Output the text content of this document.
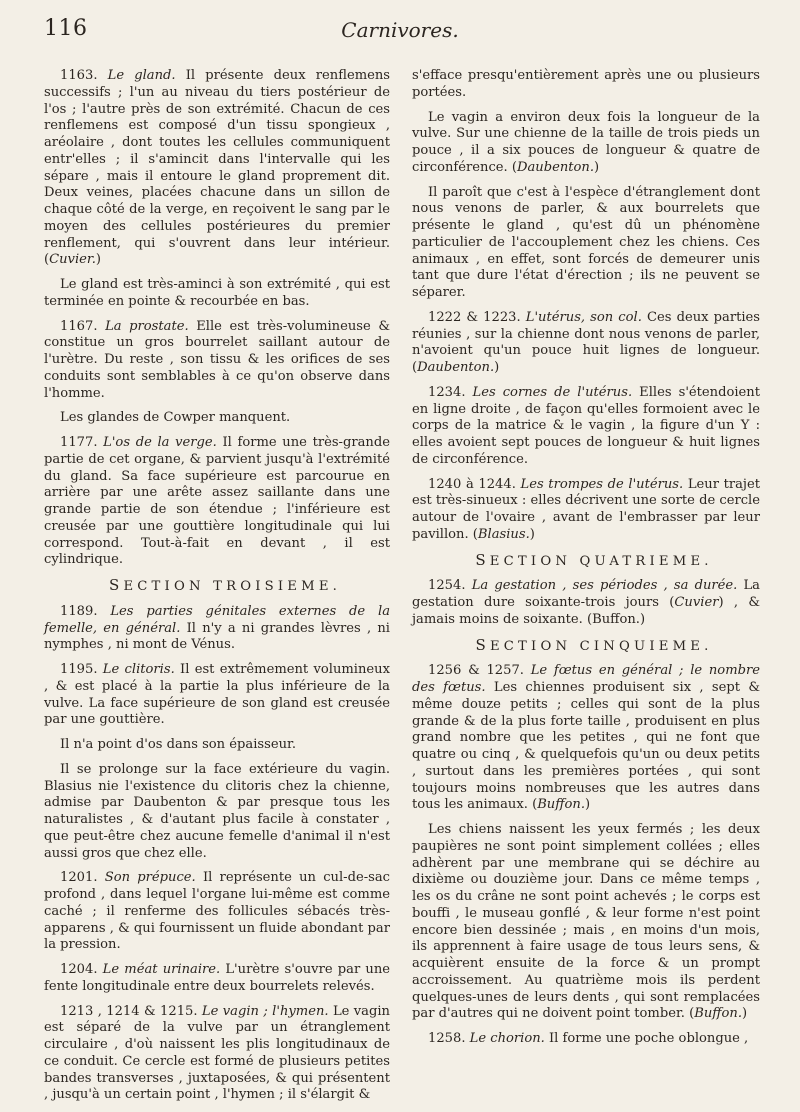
116	Carnivores.

1163. Le gland. Il présente deux renflemens successifs ; l'un au niveau du tiers postérieur de l'os ; l'autre près de son extrémité. Chacun de ces renflemens est composé d'un tissu spongieux , aréolaire , dont toutes les cellules communiquent entr'elles ; il s'amincit dans l'intervalle qui les sépare , mais il entoure le gland proprement dit. Deux veines, placées chacune dans un sillon de chaque côté de la verge, en reçoivent le sang par le moyen des cellules postérieures du premier renflement, qui s'ouvrent dans leur intérieur. (Cuvier.)

Le gland est très-aminci à son extrémité , qui est terminée en pointe & recourbée en bas.

1167. La prostate. Elle est très-volumineuse & constitue un gros bourrelet saillant autour de l'urètre. Du reste , son tissu & les orifices de ses conduits sont semblables à ce qu'on observe dans l'homme.

Les glandes de Cowper manquent.

1177. L'os de la verge. Il forme une très-grande partie de cet organe, & parvient jusqu'à l'extrémité du gland. Sa face supérieure est parcourue en arrière par une arête assez saillante dans une grande partie de son étendue ; l'inférieure est creusée par une gouttière longitudinale qui lui correspond. Tout-à-fait en devant , il est cylindrique.

SECTION TROISIEME.

1189. Les parties génitales externes de la femelle, en général. Il n'y a ni grandes lèvres , ni nymphes , ni mont de Vénus.

1195. Le clitoris. Il est extrêmement volumineux , & est placé à la partie la plus inférieure de la vulve. La face supérieure de son gland est creusée par une gouttière.

Il n'a point d'os dans son épaisseur.

Il se prolonge sur la face extérieure du vagin. Blasius nie l'existence du clitoris chez la chienne, admise par Daubenton & par presque tous les naturalistes , & d'autant plus facile à constater , que peut-être chez aucune femelle d'animal il n'est aussi gros que chez elle.

1201. Son prépuce. Il représente un cul-de-sac profond , dans lequel l'organe lui-même est comme caché ; il renferme des follicules sébacés très-apparens , & qui fournissent un fluide abondant par la pression.

1204. Le méat urinaire. L'urètre s'ouvre par une fente longitudinale entre deux bourrelets relevés.

1213 , 1214 & 1215. Le vagin ; l'hymen. Le vagin est séparé de la vulve par un étranglement circulaire , d'où naissent les plis longitudinaux de ce conduit. Ce cercle est formé de plusieurs petites bandes transverses , juxtaposées, & qui présentent , jusqu'à un certain point , l'hymen ; il s'élargit &

s'efface presqu'entièrement après une ou plusieurs portées.

Le vagin a environ deux fois la longueur de la vulve. Sur une chienne de la taille de trois pieds un pouce , il a six pouces de longueur & quatre de circonférence. (Daubenton.)

Il paroît que c'est à l'espèce d'étranglement dont nous venons de parler, & aux bourrelets que présente le gland , qu'est dû un phénomène particulier de l'accouplement chez les chiens. Ces animaux , en effet, sont forcés de demeurer unis tant que dure l'état d'érection ; ils ne peuvent se séparer.

1222 & 1223. L'utérus, son col. Ces deux parties réunies , sur la chienne dont nous venons de parler, n'avoient qu'un pouce huit lignes de longueur. (Daubenton.)

1234. Les cornes de l'utérus. Elles s'étendoient en ligne droite , de façon qu'elles formoient avec le corps de la matrice & le vagin , la figure d'un Y : elles avoient sept pouces de longueur & huit lignes de circonférence.

1240 à 1244. Les trompes de l'utérus. Leur trajet est très-sinueux : elles décrivent une sorte de cercle autour de l'ovaire , avant de l'embrasser par leur pavillon. (Blasius.)

SECTION QUATRIEME.

1254. La gestation , ses périodes , sa durée. La gestation dure soixante-trois jours (Cuvier) , & jamais moins de soixante. (Buffon.)

SECTION CINQUIEME.

1256 & 1257. Le fœtus en général ; le nombre des fœtus. Les chiennes produisent six , sept & même douze petits ; celles qui sont de la plus grande & de la plus forte taille , produisent en plus grand nombre que les petites , qui ne font que quatre ou cinq , & quelquefois qu'un ou deux petits , surtout dans les premières portées , qui sont toujours moins nombreuses que les autres dans tous les animaux. (Buffon.)

Les chiens naissent les yeux fermés ; les deux paupières ne sont point simplement collées ; elles adhèrent par une membrane qui se déchire au dixième ou douzième jour. Dans ce même temps , les os du crâne ne sont point achevés ; le corps est bouffi , le museau gonflé , & leur forme n'est point encore bien dessinée ; mais , en moins d'un mois, ils apprennent à faire usage de tous leurs sens, & acquièrent ensuite de la force & un prompt accroissement. Au quatrième mois ils perdent quelques-unes de leurs dents , qui sont remplacées par d'autres qui ne doivent point tomber. (Buffon.)

1258. Le chorion. Il forme une poche oblongue ,
